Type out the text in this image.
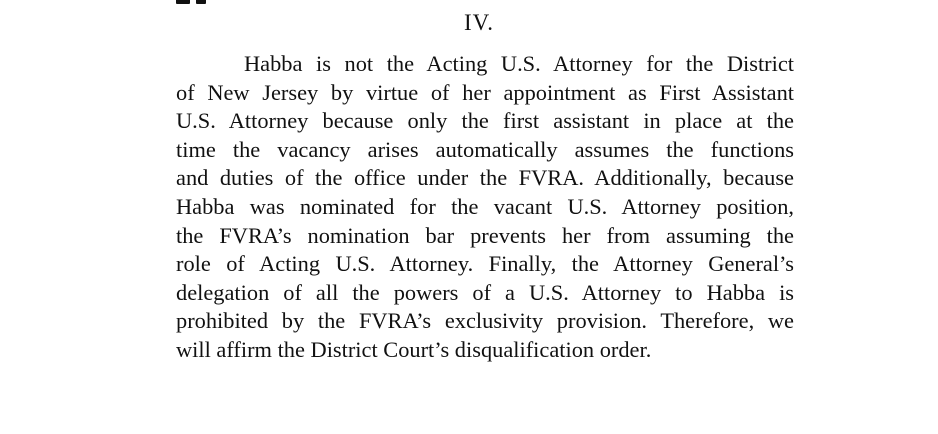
IV.
Habba is not the Acting U.S. Attorney for the District
of New Jersey by virtue of her appointment as First Assistant
U.S. Attorney because only the first assistant in place at the
time the vacancy arises automatically assumes the functions
and duties of the office under the FVRA. Additionally, because
Habba was nominated for the vacant U.S. Attorney position,
the FVRA’s nomination bar prevents her from assuming the
role of Acting U.S. Attorney. Finally, the Attorney General’s
delegation of all the powers of a U.S. Attorney to Habba is
prohibited by the FVRA’s exclusivity provision. Therefore, we
will affirm the District Court’s disqualification order.
